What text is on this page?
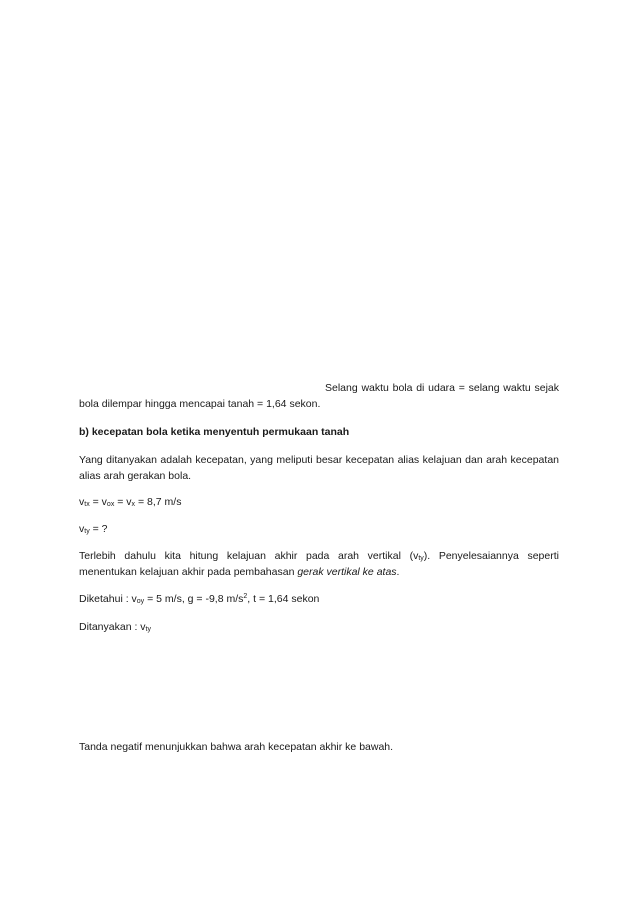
Selang waktu bola di udara = selang waktu sejak
bola dilempar hingga mencapai tanah = 1,64 sekon.
b) kecepatan bola ketika menyentuh permukaan tanah
Yang ditanyakan adalah kecepatan, yang meliputi besar kecepatan alias kelajuan dan arah kecepatan
alias arah gerakan bola.
$v_{tx} = v_{ox} = v_x = 8,7$ m/s
$v_{ty}$ = ?
Terlebih dahulu kita hitung kelajuan akhir pada arah vertikal $(v_{ty})$. Penyelesaiannya seperti
menentukan kelajuan akhir pada pembahasan gerak vertikal ke atas.
Diketahui : $v_{oy} = 5$ m/s, g = -9,8 $m/s^2$, t = 1,64 sekon
Ditanyakan : $v_{ty}$
Tanda negatif menunjukkan bahwa arah kecepatan akhir ke bawah.
